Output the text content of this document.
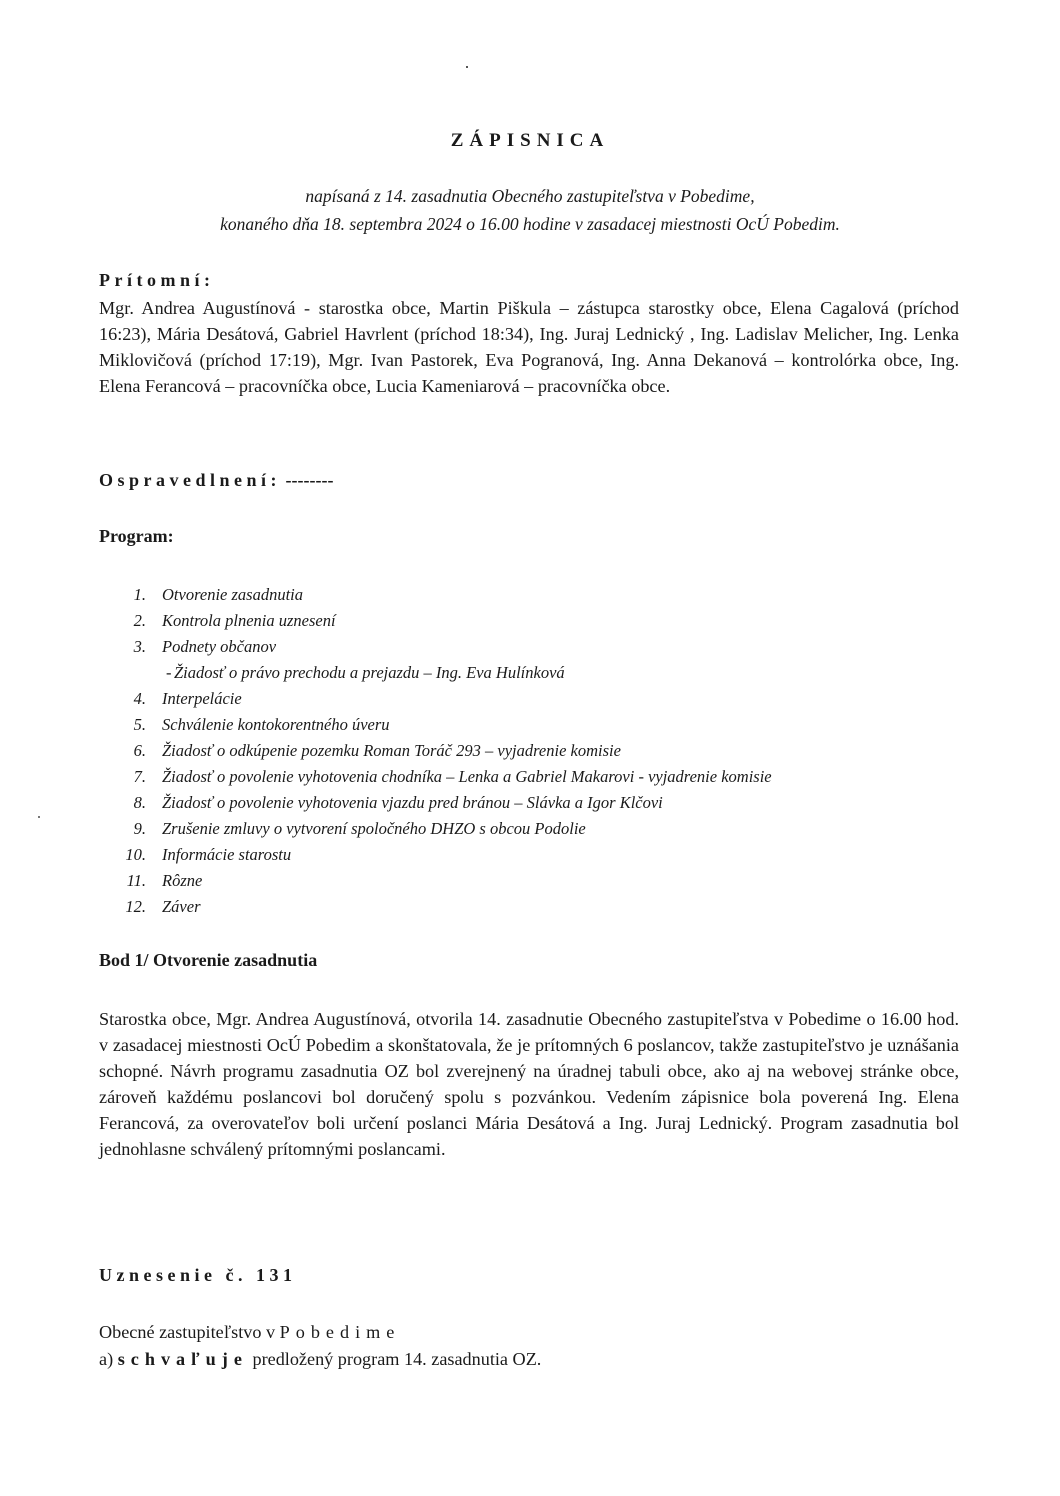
ZÁPISNICA
napísaná z 14. zasadnutia Obecného zastupiteľstva v Pobedime,
konaného dňa 18. septembra 2024 o 16.00 hodine v zasadacej miestnosti OcÚ Pobedim.
Prítomní:

Mgr. Andrea Augustínová - starostka obce, Martin Piškula – zástupca starostky obce, Elena Cagalová (príchod 16:23), Mária Desátová, Gabriel Havrlent (príchod 18:34), Ing. Juraj Lednický , Ing. Ladislav Melicher, Ing. Lenka Miklovičová (príchod 17:19), Mgr. Ivan Pastorek, Eva Pogranová, Ing. Anna Dekanová – kontrolórka obce, Ing. Elena Ferancová – pracovníčka obce, Lucia Kameniarová – pracovníčka obce.

Ospravedlnení: --------
Program:
1. Otvorenie zasadnutia
2. Kontrola plnenia uznesení
3. Podnety občanov
- Žiadosť o právo prechodu a prejazdu – Ing. Eva Hulínková
4. Interpelácie
5. Schválenie kontokorentného úveru
6. Žiadosť o odkúpenie pozemku Roman Toráč 293 – vyjadrenie komisie
7. Žiadosť o povolenie vyhotovenia chodníka – Lenka a Gabriel Makarovi - vyjadrenie komisie
8. Žiadosť o povolenie vyhotovenia vjazdu pred bránou – Slávka a Igor Klčovi
9. Zrušenie zmluvy o vytvorení spoločného DHZO s obcou Podolie
10. Informácie starostu
11. Rôzne
12. Záver
Bod 1/ Otvorenie zasadnutia

Starostka obce, Mgr. Andrea Augustínová, otvorila 14. zasadnutie Obecného zastupiteľstva v Pobedime o 16.00 hod. v zasadacej miestnosti OcÚ Pobedim a skonštatovala, že je prítomných 6 poslancov, takže zastupiteľstvo je uznášania schopné. Návrh programu zasadnutia OZ bol zverejnený na úradnej tabuli obce, ako aj na webovej stránke obce, zároveň každému poslancovi bol doručený spolu s pozvánkou. Vedením zápisnice bola poverená Ing. Elena Ferancová, za overovateľov boli určení poslanci Mária Desátová a Ing. Juraj Lednický. Program zasadnutia bol jednohlasne schválený prítomnými poslancami.

Uznesenie č. 131
Obecné zastupiteľstvo v Pobedime
a) schvaľuje predložený program 14. zasadnutia OZ.
